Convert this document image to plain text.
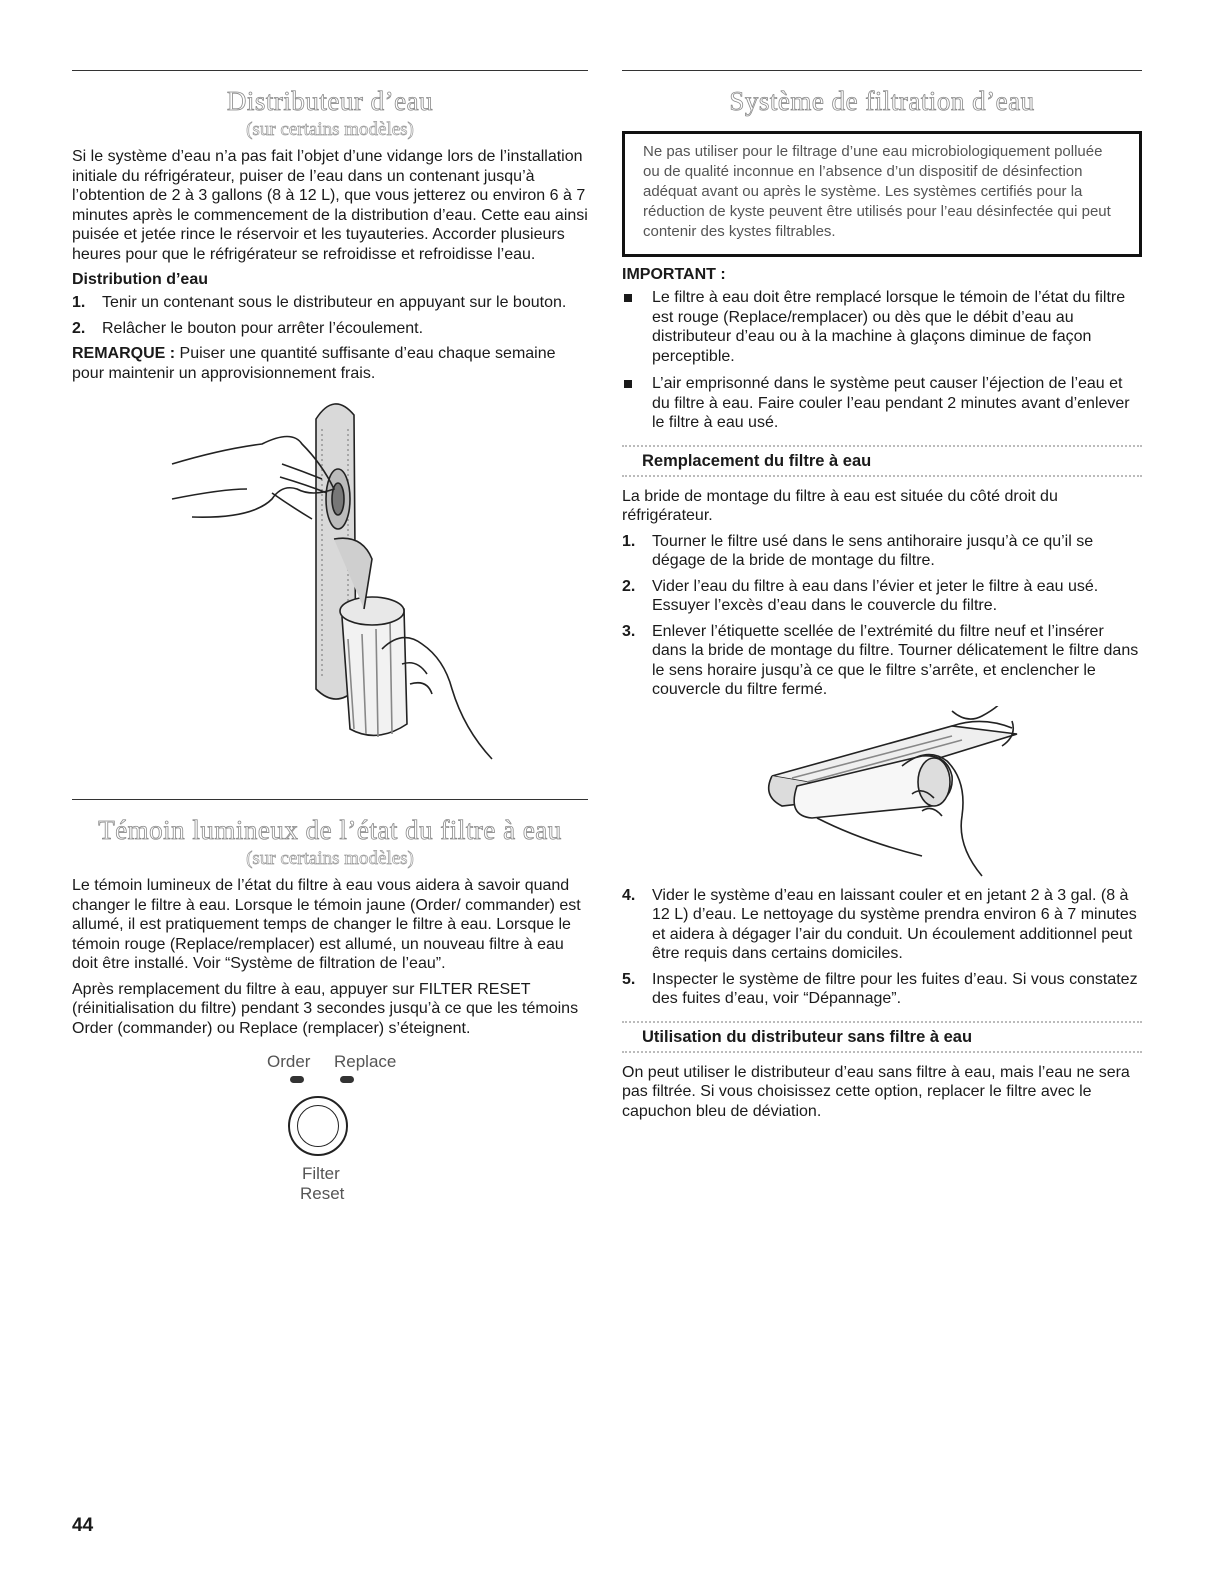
Distributeur d’eau
(sur certains modèles)

Si le système d’eau n’a pas fait l’objet d’une vidange lors de l’installation initiale du réfrigérateur, puiser de l’eau dans un contenant jusqu’à l’obtention de 2 à 3 gallons (8 à 12 L), que vous jetterez ou environ 6 à 7 minutes après le commencement de la distribution d’eau. Cette eau ainsi puisée et jetée rince le réservoir et les tuyauteries. Accorder plusieurs heures pour que le réfrigérateur se refroidisse et refroidisse l’eau.

Distribution d’eau
1. Tenir un contenant sous le distributeur en appuyant sur le bouton.
2. Relâcher le bouton pour arrêter l’écoulement.

REMARQUE : Puiser une quantité suffisante d’eau chaque semaine pour maintenir un approvisionnement frais.

Témoin lumineux de l’état du filtre à eau
(sur certains modèles)

Le témoin lumineux de l’état du filtre à eau vous aidera à savoir quand changer le filtre à eau. Lorsque le témoin jaune (Order/ commander) est allumé, il est pratiquement temps de changer le filtre à eau. Lorsque le témoin rouge (Replace/remplacer) est allumé, un nouveau filtre à eau doit être installé. Voir “Système de filtration de l’eau”.

Après remplacement du filtre à eau, appuyer sur FILTER RESET (réinitialisation du filtre) pendant 3 secondes jusqu’à ce que les témoins Order (commander) ou Replace (remplacer) s’éteignent.

Order Replace
Filter
Reset
Système de filtration d’eau
Ne pas utiliser pour le filtrage d’une eau microbiologiquement polluée ou de qualité inconnue en l’absence d’un dispositif de désinfection adéquat avant ou après le système. Les systèmes certifiés pour la réduction de kyste peuvent être utilisés pour l’eau désinfectée qui peut contenir des kystes filtrables.
IMPORTANT :
Le filtre à eau doit être remplacé lorsque le témoin de l’état du filtre est rouge (Replace/remplacer) ou dès que le débit d’eau au distributeur d’eau ou à la machine à glaçons diminue de façon perceptible.
L’air emprisonné dans le système peut causer l’éjection de l’eau et du filtre à eau. Faire couler l’eau pendant 2 minutes avant d’enlever le filtre à eau usé.
Remplacement du filtre à eau

La bride de montage du filtre à eau est située du côté droit du réfrigérateur.

1. Tourner le filtre usé dans le sens antihoraire jusqu’à ce qu’il se dégage de la bride de montage du filtre.
2. Vider l’eau du filtre à eau dans l’évier et jeter le filtre à eau usé. Essuyer l’excès d’eau dans le couvercle du filtre.
3. Enlever l’étiquette scellée de l’extrémité du filtre neuf et l’insérer dans la bride de montage du filtre. Tourner délicatement le filtre dans le sens horaire jusqu’à ce que le filtre s’arrête, et enclencher le couvercle du filtre fermé.
4. Vider le système d’eau en laissant couler et en jetant 2 à 3 gal. (8 à 12 L) d’eau. Le nettoyage du système prendra environ 6 à 7 minutes et aidera à dégager l’air du conduit. Un écoulement additionnel peut être requis dans certains domiciles.
5. Inspecter le système de filtre pour les fuites d’eau. Si vous constatez des fuites d’eau, voir “Dépannage”.
Utilisation du distributeur sans filtre à eau

On peut utiliser le distributeur d’eau sans filtre à eau, mais l’eau ne sera pas filtrée. Si vous choisissez cette option, replacer le filtre avec le capuchon bleu de déviation.

44
